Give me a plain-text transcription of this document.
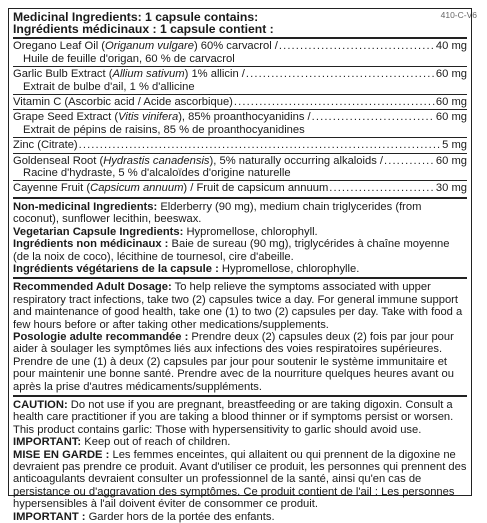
410-C-V6
Medicinal Ingredients: 1 capsule contains:
Ingrédients médicinaux : 1 capsule contient :
Oregano Leaf Oil (Origanum vulgare) 60% carvacrol / . . .	40 mg
Huile de feuille d'origan, 60 % de carvacrol
Garlic Bulb Extract (Allium sativum) 1% allicin / . . .	60 mg
Extrait de bulbe d'ail, 1 % d'allicine
Vitamin C (Ascorbic acid / Acide ascorbique) . . .	60 mg
Grape Seed Extract (Vitis vinifera), 85% proanthocyanidins / . . .	60 mg
Extrait de pépins de raisins, 85 % de proanthocyanidines
Zinc (Citrate) . . .	5 mg
Goldenseal Root (Hydrastis canadensis), 5% naturally occurring alkaloids / . . .	60 mg
Racine d'hydraste, 5 % d'alcaloïdes d'origine naturelle
Cayenne Fruit (Capsicum annuum) / Fruit de capsicum annuum . . .	30 mg

Non-medicinal Ingredients: Elderberry (90 mg), medium chain triglycerides (from coconut), sunflower lecithin, beeswax.

Vegetarian Capsule Ingredients: Hypromellose, chlorophyll.

Ingrédients non médicinaux : Baie de sureau (90 mg), triglycérides à chaîne moyenne (de la noix de coco), lécithine de tournesol, cire d'abeille.

Ingrédients végétariens de la capsule : Hypromellose, chlorophylle.

Recommended Adult Dosage: To help relieve the symptoms associated with upper respiratory tract infections, take two (2) capsules twice a day. For general immune support and maintenance of good health, take one (1) to two (2) capsules per day. Take with food a few hours before or after taking other medications/supplements.

Posologie adulte recommandée : Prendre deux (2) capsules deux (2) fois par jour pour aider à soulager les symptômes liés aux infections des voies respiratoires supérieures. Prendre de une (1) à deux (2) capsules par jour pour soutenir le système immunitaire et pour maintenir une bonne santé. Prendre avec de la nourriture quelques heures avant ou après la prise d'autres médicaments/suppléments.

CAUTION: Do not use if you are pregnant, breastfeeding or are taking digoxin. Consult a health care practitioner if you are taking a blood thinner or if symptoms persist or worsen. This product contains garlic: Those with hypersensitivity to garlic should avoid use. IMPORTANT: Keep out of reach of children.

MISE EN GARDE : Les femmes enceintes, qui allaitent ou qui prennent de la digoxine ne devraient pas prendre ce produit. Avant d'utiliser ce produit, les personnes qui prennent des anticoagulants devraient consulter un professionnel de la santé, ainsi qu'en cas de persistance ou d'aggravation des symptômes. Ce produit contient de l'ail : Les personnes hypersensibles à l'ail doivent éviter de consommer ce produit.

IMPORTANT : Garder hors de la portée des enfants.
